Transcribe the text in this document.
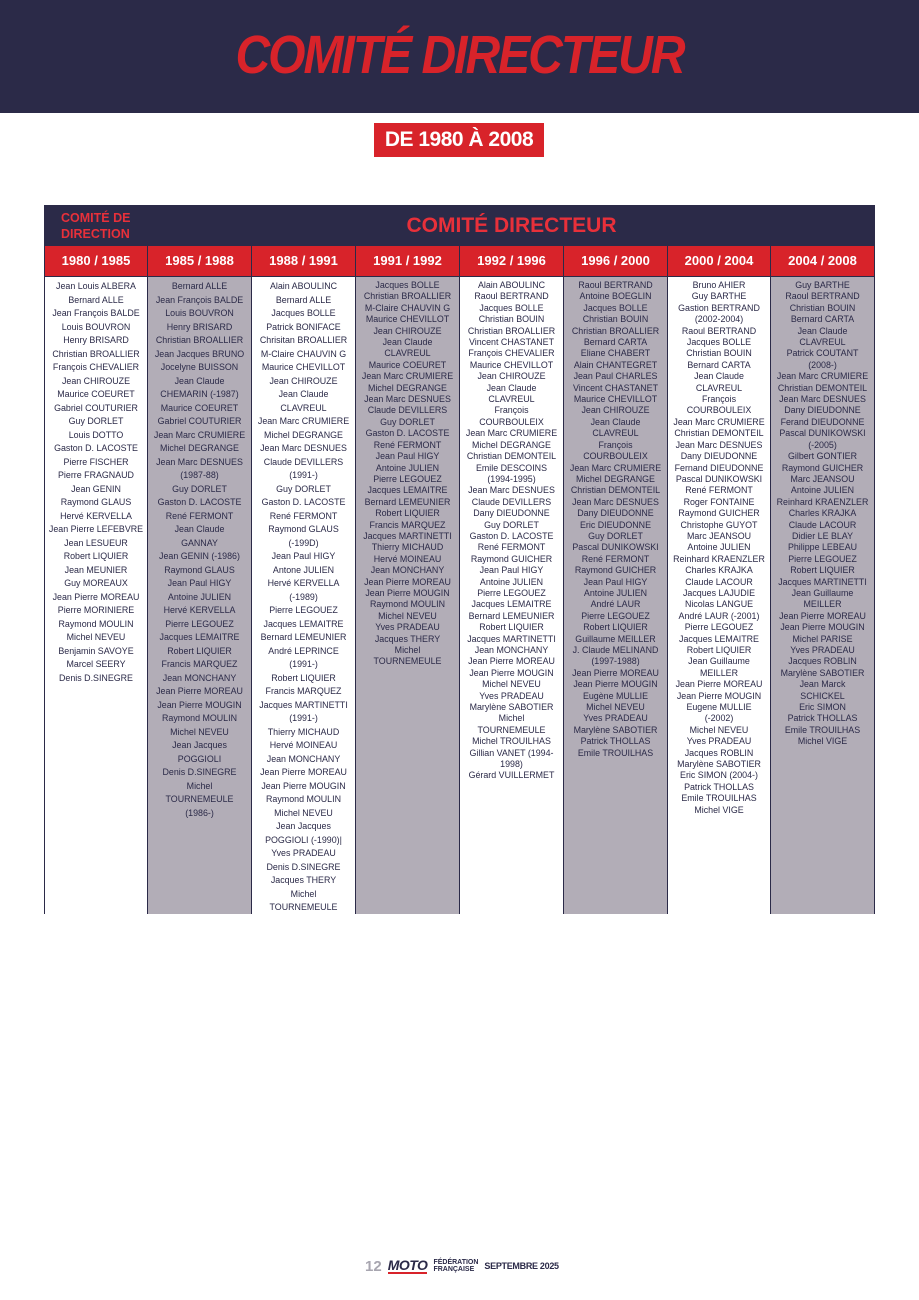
COMITÉ DIRECTEUR
DE 1980 À 2008
COMITÉ DE DIRECTION	COMITÉ DIRECTEUR
1980 / 1985
Jean Louis ALBERA
Bernard ALLE
Jean François BALDE
Louis BOUVRON
Henry BRISARD
Christian BROALLIER
François CHEVALIER
Jean CHIROUZE
Maurice COEURET
Gabriel COUTURIER
Guy DORLET
Louis DOTTO
Gaston D. LACOSTE
Pierre FISCHER
Pierre FRAGNAUD
Jean GENIN
Raymond GLAUS
Hervé KERVELLA
Jean Pierre LEFEBVRE
Jean LESUEUR
Robert LIQUIER
Jean MEUNIER
Guy MOREAUX
Jean Pierre MOREAU
Pierre MORINIERE
Raymond MOULIN
Michel NEVEU
Benjamin SAVOYE
Marcel SEERY
Denis D.SINEGRE
1985 / 1988
Bernard ALLE
Jean François BALDE
Louis BOUVRON
Henry BRISARD
Christian BROALLIER
Jean Jacques BRUNO
Jocelyne BUISSON
Jean Claude
CHEMARIN (-1987)
Maurice COEURET
Gabriel COUTURIER
Jean Marc CRUMIERE
Michel DEGRANGE
Jean Marc DESNUES
(1987-88)
Guy DORLET
Gaston D. LACOSTE
René FERMONT
Jean Claude
GANNAY
Jean GENIN (-1986)
Raymond GLAUS
Jean Paul HIGY
Antoine JULIEN
Hervé KERVELLA
Pierre LEGOUEZ
Jacques LEMAITRE
Robert LIQUIER
Francis MARQUEZ
Jean MONCHANY
Jean Pierre MOREAU
Jean Pierre MOUGIN
Raymond MOULIN
Michel NEVEU
Jean Jacques
POGGIOLI
Denis D.SINEGRE
Michel
TOURNEMEULE
(1986-)
1988 / 1991
Alain ABOULINC
Bernard ALLE
Jacques BOLLE
Patrick BONIFACE
Chrisitan BROALLIER
M-Claire CHAUVIN G
Maurice CHEVILLOT
Jean CHIROUZE
Jean Claude
CLAVREUL
Jean Marc CRUMIERE
Michel DEGRANGE
Jean Marc DESNUES
Claude DEVILLERS
(1991-)
Guy DORLET
Gaston D. LACOSTE
René FERMONT
Raymond GLAUS
(-199D)
Jean Paul HIGY
Antone JULIEN
Hervé KERVELLA
(-1989)
Pierre LEGOUEZ
Jacques LEMAITRE
Bernard LEMEUNIER
André LEPRINCE
(1991-)
Robert LIQUIER
Francis MARQUEZ
Jacques MARTINETTI
(1991-)
Thierry MICHAUD
Hervé MOINEAU
Jean MONCHANY
Jean Pierre MOREAU
Jean Pierre MOUGIN
Raymond MOULIN
Michel NEVEU
Jean Jacques
POGGIOLI (-1990)|
Yves PRADEAU
Denis D.SINEGRE
Jacques THERY
Michel
TOURNEMEULE
1991 / 1992
Jacques BOLLE
Christian BROALLIER
M-Claire CHAUVIN G
Maurice CHEVILLOT
Jean CHIROUZE
Jean Claude
CLAVREUL
Maurice COEURET
Jean Marc CRUMIERE
Michel DEGRANGE
Jean Marc DESNUES
Claude DEVILLERS
Guy DORLET
Gaston D. LACOSTE
René FERMONT
Jean Paul HIGY
Antoine JULIEN
Pierre LEGOUEZ
Jacques LEMAITRE
Bernard LEMEUNIER
Robert LIQUIER
Francis MARQUEZ
Jacques MARTINETTI
Thierry MICHAUD
Hervé MOINEAU
Jean MONCHANY
Jean Pierre MOREAU
Jean Pierre MOUGIN
Raymond MOULIN
Michel NEVEU
Yves PRADEAU
Jacques THERY
Michel
TOURNEMEULE
1992 / 1996
Alain ABOULINC
Raoul BERTRAND
Jacques BOLLE
Christian BOUIN
Christian BROALLIER
Vincent CHASTANET
François CHEVALIER
Maurice CHEVILLOT
Jean CHIROUZE
Jean Claude
CLAVREUL
François
COURBOULEIX
Jean Marc CRUMIERE
Michel DEGRANGE
Christian DEMONTEIL
Emile DESCOINS
(1994-1995)
Jean Marc DESNUES
Claude DEVILLERS
Dany DIEUDONNE
Guy DORLET
Gaston D. LACOSTE
René FERMONT
Raymond GUICHER
Jean Paul HIGY
Antoine JULIEN
Pierre LEGOUEZ
Jacques LEMAITRE
Bernard LEMEUNIER
Robert LIQUIER
Jacques MARTINETTI
Jean MONCHANY
Jean Pierre MOREAU
Jean Pierre MOUGIN
Michel NEVEU
Yves PRADEAU
Marylène SABOTIER
Michel
TOURNEMEULE
Michel TROUILHAS
Gillian VANET (1994-
1998)
Gérard VUILLERMET
1996 / 2000
Raoul BERTRAND
Antoine BOEGLIN
Jacques BOLLE
Christian BOUIN
Christian BROALLIER
Bernard CARTA
Eliane CHABERT
Alain CHANTEGRET
Jean Paul CHARLES
Vincent CHASTANET
Maurice CHEVILLOT
Jean CHIROUZE
Jean Claude
CLAVREUL
François
COURBOULEIX
Jean Marc CRUMIERE
Michel DEGRANGE
Christian DEMONTEIL
Jean Marc DESNUES
Dany DIEUDONNE
Eric DIEUDONNE
Guy DORLET
Pascal DUNIKOWSKI
René FERMONT
Raymond GUICHER
Jean Paul HIGY
Antoine JULIEN
André LAUR
Pierre LEGOUEZ
Robert LIQUIER
Guillaume MEILLER
J. Claude MELINAND
(1997-1988)
Jean Pierre MOREAU
Jean Pierre MOUGIN
Eugène MULLIE
Michel NEVEU
Yves PRADEAU
Marylène SABOTIER
Patrick THOLLAS
Emile TROUILHAS
2000 / 2004
Bruno AHIER
Guy BARTHE
Gastion BERTRAND
(2002-2004)
Raoul BERTRAND
Jacques BOLLE
Christian BOUIN
Bernard CARTA
Jean Claude
CLAVREUL
François
COURBOULEIX
Jean Marc CRUMIERE
Christian DEMONTEIL
Jean Marc DESNUES
Dany DIEUDONNE
Fernand DIEUDONNE
Pascal DUNIKOWSKI
René FERMONT
Roger FONTAINE
Raymond GUICHER
Christophe GUYOT
Marc JEANSOU
Antoine JULIEN
Reinhard KRAENZLER
Charles KRAJKA
Claude LACOUR
Jacques LAJUDIE
Nicolas LANGUE
André LAUR (-2001)
Pierre LEGOUEZ
Jacques LEMAITRE
Robert LIQUIER
Jean Guillaume
MEILLER
Jean Pierre MOREAU
Jean Pierre MOUGIN
Eugene MULLIE
(-2002)
Michel NEVEU
Yves PRADEAU
Jacques ROBLIN
Marylène SABOTIER
Eric SIMON (2004-)
Patrick THOLLAS
Emile TROUILHAS
Michel VIGE
2004 / 2008
Guy BARTHE
Raoul BERTRAND
Christian BOUIN
Bernard CARTA
Jean Claude
CLAVREUL
Patrick COUTANT
(2008-)
Jean Marc CRUMIERE
Christian DEMONTEIL
Jean Marc DESNUES
Dany DIEUDONNE
Ferand DIEUDONNE
Pascal DUNIKOWSKI
(-2005)
Gilbert GONTIER
Raymond GUICHER
Marc JEANSOU
Antoine JULIEN
Reinhard KRAENZLER
Charles KRAJKA
Claude LACOUR
Didier LE BLAY
Philippe LEBEAU
Pierre LEGOUEZ
Robert LIQUIER
Jacques MARTINETTI
Jean Guillaume
MEILLER
Jean Pierre MOREAU
Jean Pierre MOUGIN
Michel PARISE
Yves PRADEAU
Jacques ROBLIN
Marylène SABOTIER
Jean Marck
SCHICKEL
Eric SIMON
Patrick THOLLAS
Emile TROUILHAS
Michel VIGE
12 MOTO FÉDÉRATION
FRANÇAISE	SEPTEMBRE 2025
